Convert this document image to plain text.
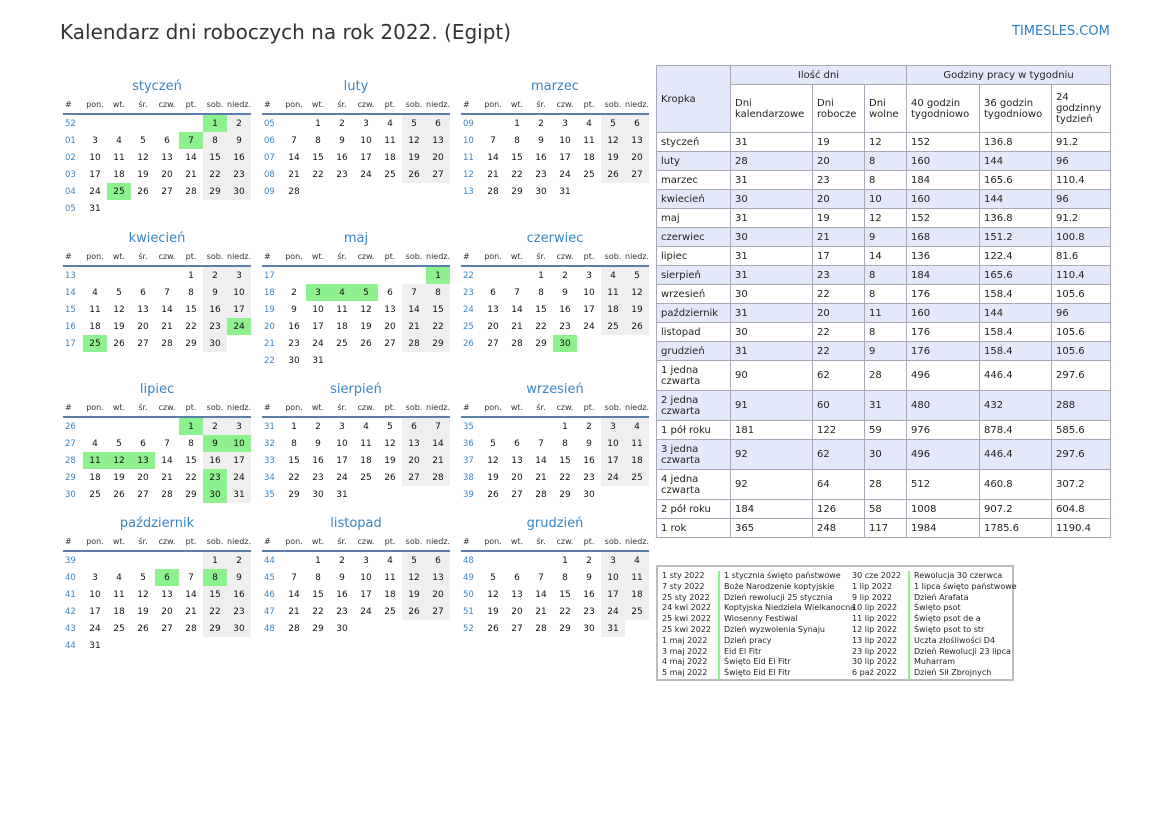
Kalendarz dni roboczych na rok 2022. (Egipt)	TIMESLES.COM
styczeń
#	pon.	wt.	śr.	czw.	pt.	sob.	niedz.
52						1	2
01	3	4	5	6	7	8	9
02	10	11	12	13	14	15	16
03	17	18	19	20	21	22	23
04	24	25	26	27	28	29	30
05	31						
luty
#	pon.	wt.	śr.	czw.	pt.	sob.	niedz.
05		1	2	3	4	5	6
06	7	8	9	10	11	12	13
07	14	15	16	17	18	19	20
08	21	22	23	24	25	26	27
09	28						
marzec
#	pon.	wt.	śr.	czw.	pt.	sob.	niedz.
09		1	2	3	4	5	6
10	7	8	9	10	11	12	13
11	14	15	16	17	18	19	20
12	21	22	23	24	25	26	27
13	28	29	30	31			
kwiecień
#	pon.	wt.	śr.	czw.	pt.	sob.	niedz.
13					1	2	3
14	4	5	6	7	8	9	10
15	11	12	13	14	15	16	17
16	18	19	20	21	22	23	24
17	25	26	27	28	29	30	
maj
#	pon.	wt.	śr.	czw.	pt.	sob.	niedz.
17							1
18	2	3	4	5	6	7	8
19	9	10	11	12	13	14	15
20	16	17	18	19	20	21	22
21	23	24	25	26	27	28	29
22	30	31					
czerwiec
#	pon.	wt.	śr.	czw.	pt.	sob.	niedz.
22			1	2	3	4	5
23	6	7	8	9	10	11	12
24	13	14	15	16	17	18	19
25	20	21	22	23	24	25	26
26	27	28	29	30			
lipiec
#	pon.	wt.	śr.	czw.	pt.	sob.	niedz.
26					1	2	3
27	4	5	6	7	8	9	10
28	11	12	13	14	15	16	17
29	18	19	20	21	22	23	24
30	25	26	27	28	29	30	31
sierpień
#	pon.	wt.	śr.	czw.	pt.	sob.	niedz.
31	1	2	3	4	5	6	7
32	8	9	10	11	12	13	14
33	15	16	17	18	19	20	21
34	22	23	24	25	26	27	28
35	29	30	31				
wrzesień
#	pon.	wt.	śr.	czw.	pt.	sob.	niedz.
35				1	2	3	4
36	5	6	7	8	9	10	11
37	12	13	14	15	16	17	18
38	19	20	21	22	23	24	25
39	26	27	28	29	30		
październik
#	pon.	wt.	śr.	czw.	pt.	sob.	niedz.
39						1	2
40	3	4	5	6	7	8	9
41	10	11	12	13	14	15	16
42	17	18	19	20	21	22	23
43	24	25	26	27	28	29	30
44	31						
listopad
#	pon.	wt.	śr.	czw.	pt.	sob.	niedz.
44		1	2	3	4	5	6
45	7	8	9	10	11	12	13
46	14	15	16	17	18	19	20
47	21	22	23	24	25	26	27
48	28	29	30				
grudzień
#	pon.	wt.	śr.	czw.	pt.	sob.	niedz.
48				1	2	3	4
49	5	6	7	8	9	10	11
50	12	13	14	15	16	17	18
51	19	20	21	22	23	24	25
52	26	27	28	29	30	31	
Kropka	Ilość dni			Godziny pracy w tygodniu		
	Dni kalendarzowe	Dni robocze	Dni wolne	40 godzin tygodniowo	36 godzin tygodniowo	24 godzinny tydzień
styczeń	31	19	12	152	136.8	91.2
luty	28	20	8	160	144	96
marzec	31	23	8	184	165.6	110.4
kwiecień	30	20	10	160	144	96
maj	31	19	12	152	136.8	91.2
czerwiec	30	21	9	168	151.2	100.8
lipiec	31	17	14	136	122.4	81.6
sierpień	31	23	8	184	165.6	110.4
wrzesień	30	22	8	176	158.4	105.6
październik	31	20	11	160	144	96
listopad	30	22	8	176	158.4	105.6
grudzień	31	22	9	176	158.4	105.6
1 jedna czwarta	90	62	28	496	446.4	297.6
2 jedna czwarta	91	60	31	480	432	288
1 pół roku	181	122	59	976	878.4	585.6
3 jedna czwarta	92	62	30	496	446.4	297.6
4 jedna czwarta	92	64	28	512	460.8	307.2
2 pół roku	184	126	58	1008	907.2	604.8
1 rok	365	248	117	1984	1785.6	1190.4
1 sty 2022	1 stycznia święto państwowe
7 sty 2022	Boże Narodzenie koptyjskie
25 sty 2022	Dzień rewolucji 25 stycznia
24 kwi 2022	Koptyjska Niedziela Wielkanocna
25 kwi 2022	Wiosenny Festiwal
25 kwi 2022	Dzień wyzwolenia Synaju
1 maj 2022	Dzień pracy
3 maj 2022	Eid El Fitr
4 maj 2022	Święto Eid El Fitr
5 maj 2022	Święto Eid El Fitr
30 cze 2022	Rewolucja 30 czerwca
1 lip 2022	1 lipca święto państwowe
9 lip 2022	Dzień Arafata
10 lip 2022	Święto psot
11 lip 2022	Święto psot de a
12 lip 2022	Święto psot to str
13 lip 2022	Uczta złośliwości D4
23 lip 2022	Dzień Rewolucji 23 lipca
30 lip 2022	Muharram
6 paź 2022	Dzień Sił Zbrojnych
